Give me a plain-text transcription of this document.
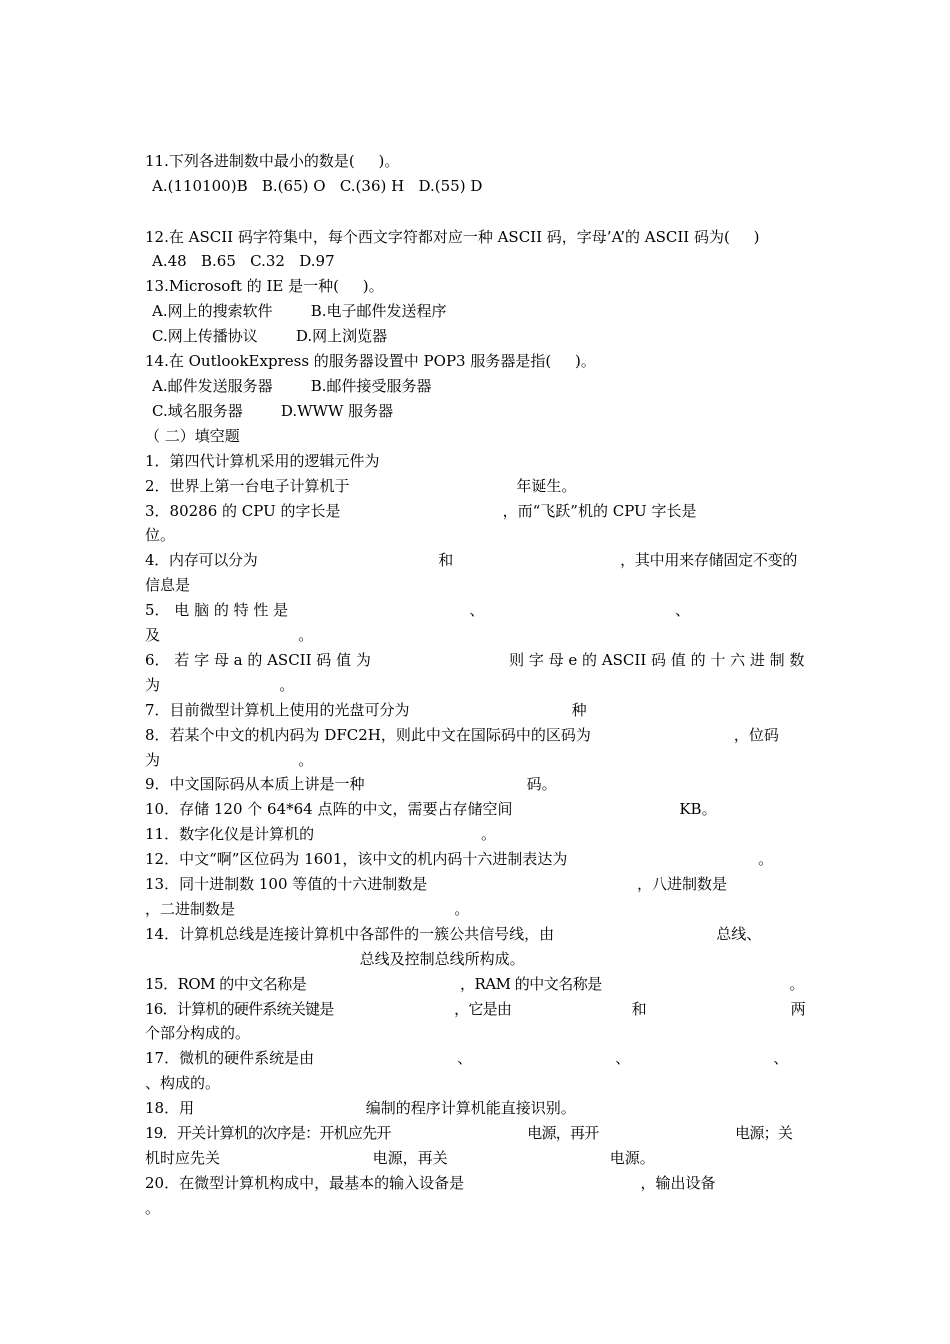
11.下列各进制数中最小的数是(     )。
A.(110100)B   B.(65) O   C.(36) H   D.(55) D
12.在 ASCII 码字符集中，每个西文字符都对应一种 ASCII 码，字母’A’的 ASCII 码为(     )
A.48   B.65   C.32   D.97
13.Microsoft 的 IE 是一种(     )。
A.网上的搜索软件        B.电子邮件发送程序
C.网上传播协议        D.网上浏览器
14.在 OutlookExpress 的服务器设置中 POP3 服务器是指(     )。
A.邮件发送服务器        B.邮件接受服务器
C.域名服务器        D.WWW 服务器
（ 二）填空题
1．第四代计算机采用的逻辑元件为
2．世界上第一台电子计算机于                                   年诞生。
3．80286 的 CPU 的字长是                                  ，而“飞跃”机的 CPU 字长是
位。
4．内存可以分为                                        和                                     ，其中用来存储固定不变的
信息是
5． 电 脑 的 特 性 是                                      、                                        、
及                             。
6． 若 字 母 a 的 ASCII 码 值 为                             则 字 母 e 的 ASCII 码 值 的 十 六 进 制 数
为                         。
7．目前微型计算机上使用的光盘可分为                                  种
8．若某个中文的机内码为 DFC2H，则此中文在国际码中的区码为                              ，位码
为                             。
9．中文国际码从本质上讲是一种                                  码。
10．存储 120 个 64*64 点阵的中文，需要占存储空间                                   KB。
11．数字化仪是计算机的                                   。
12．中文“啊”区位码为 1601，该中文的机内码十六进制表达为                                        。
13．同十进制数 100 等值的十六进制数是                                            ，八进制数是
，二进制数是                                              。
14．计算机总线是连接计算机中各部件的一簇公共信号线，由                                  总线、
总线及控制总线所构成。
15．ROM 的中文名称是                                    ，RAM 的中文名称是                                            。
16．计算机的硬件系统关键是                              ，它是由                              和                                    两
个部分构成的。
17．微机的硬件系统是由                              、                              、                              、
、构成的。
18．用                                    编制的程序计算机能直接识别。
19．开关计算机的次序是：开机应先开                                  电源，再开                                  电源；关
机时应先关                                电源，再关                                  电源。
20．在微型计算机构成中，最基本的输入设备是                                     ，输出设备
。
